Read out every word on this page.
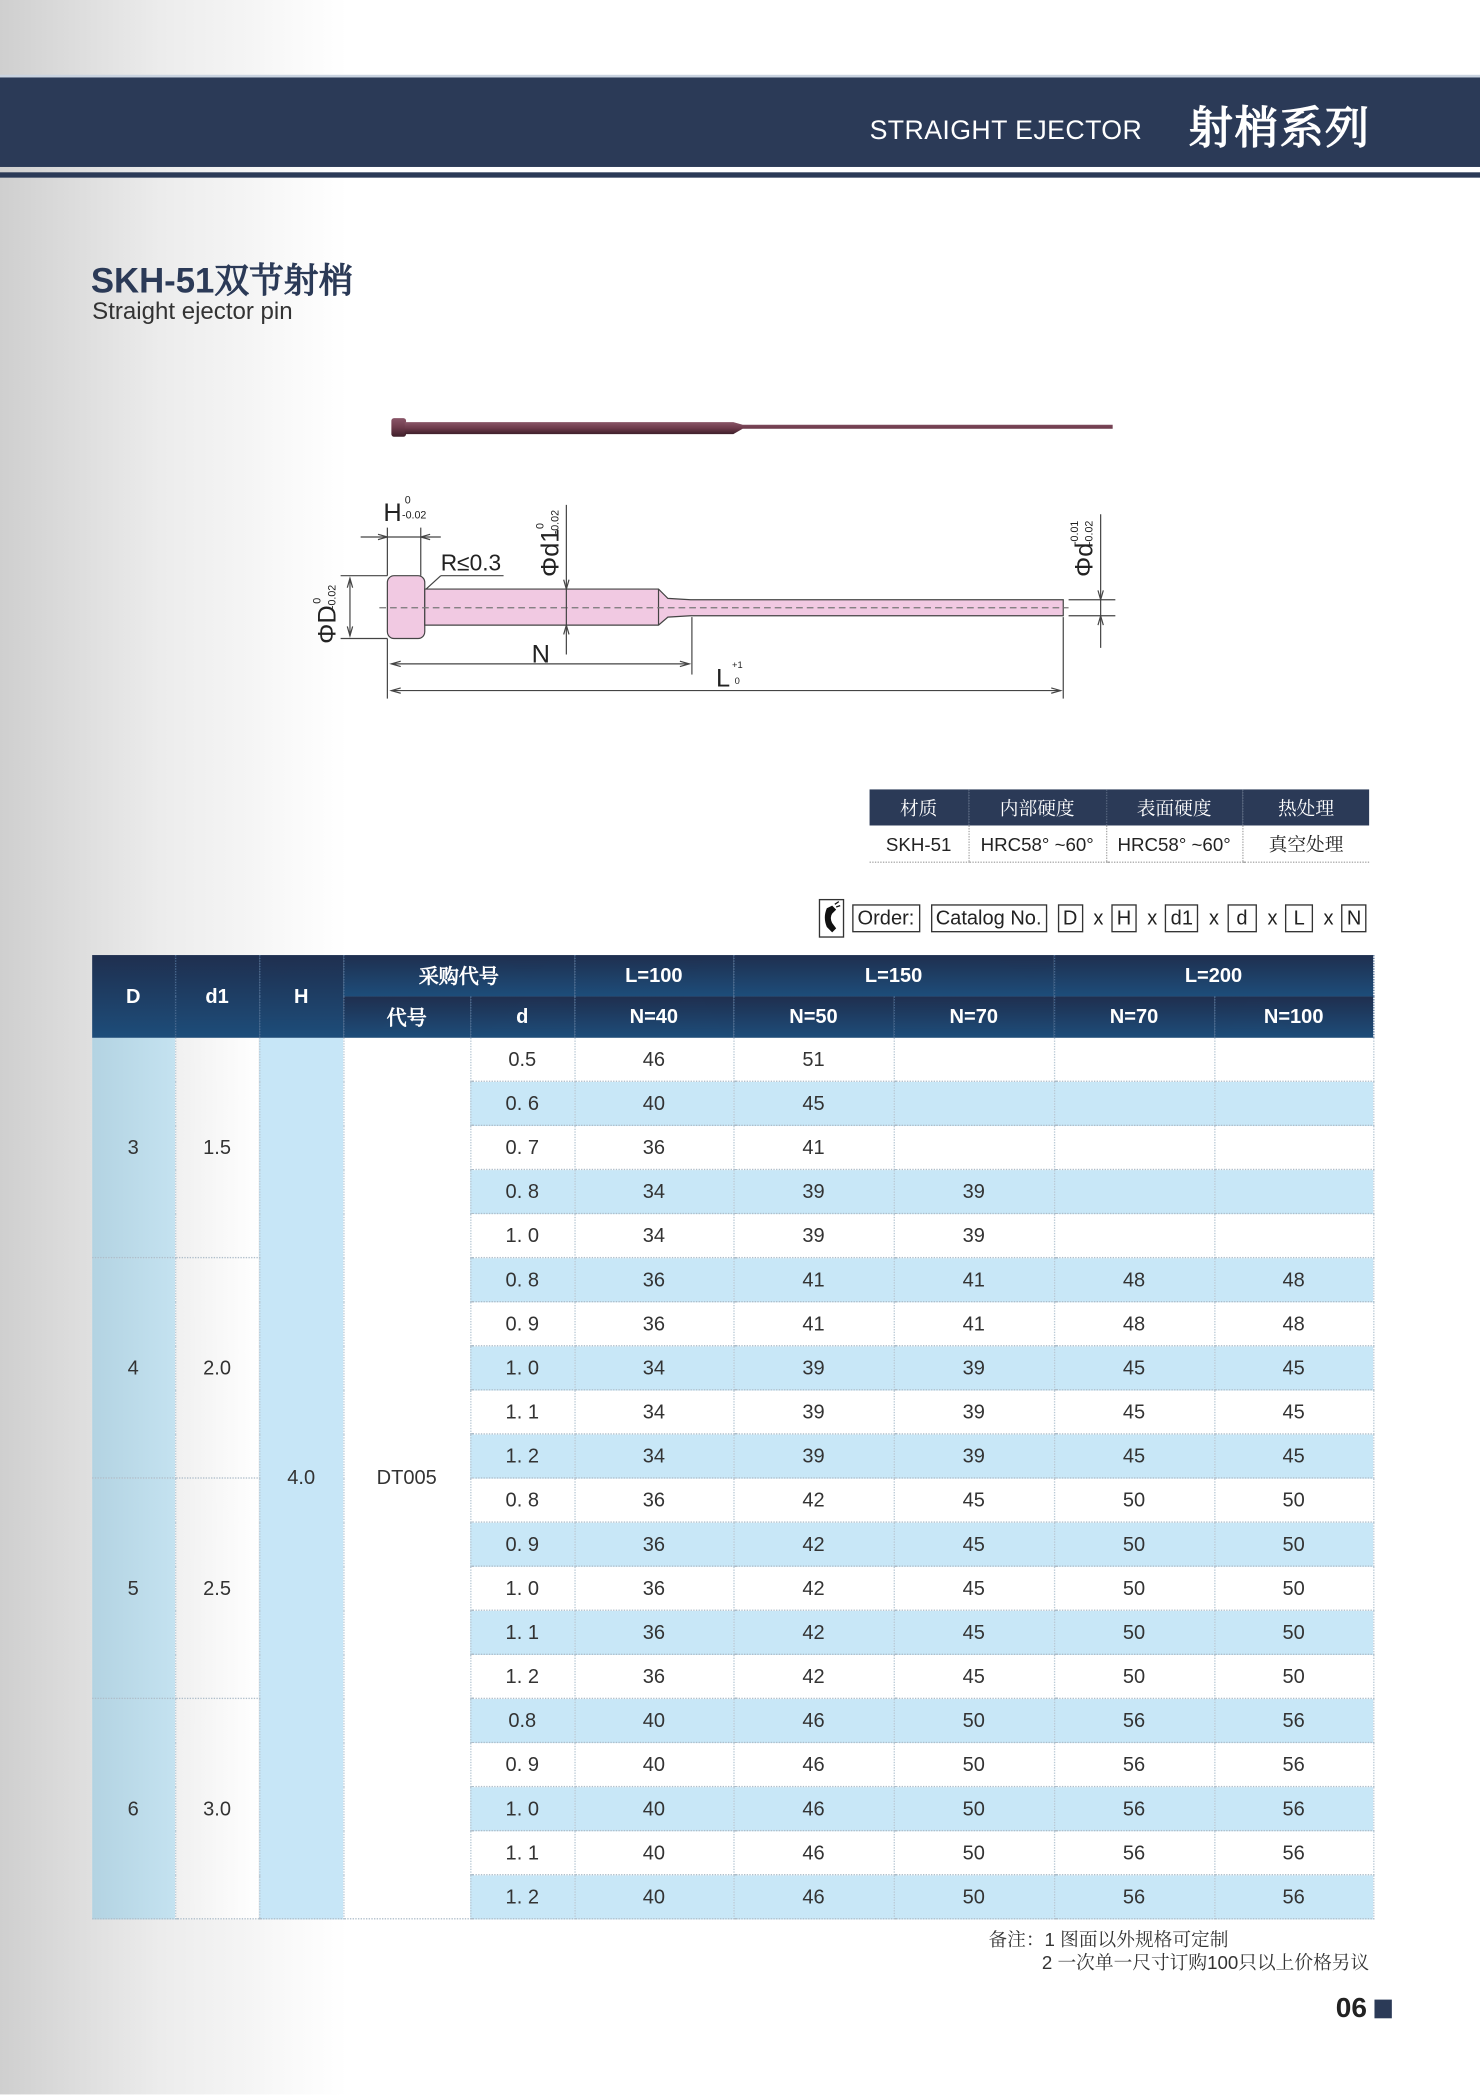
STRAIGHT EJECTOR 射梢系列
SKH-51双节射梢
Straight ejector pin
H 0
-0.02
R≤0.3 Φd1
0 -0.02
ΦD
0 -0.02
Φd
-0.01 -0.02
N
L +1
0
材质	内部硬度	表面硬度	热处理
SKH-51	HRC58° ~60°	HRC58° ~60°	真空处理
Order:	Catalog No.	D	x H	x d1	x	d	x	L	x N
D	d1	H	采购代号		L=100	L=150		L=200	
			代号	d	N=40	N=50	N=70	N=70	N=100
3	1.5	4.0	DT005	0.5	46	51			
				0. 6	40	45			
				0. 7	36	41			
				0. 8	34	39	39		
				1. 0	34	39	39		
4	2.0			0. 8	36	41	41	48	48
				0. 9	36	41	41	48	48
				1. 0	34	39	39	45	45
				1. 1	34	39	39	45	45
				1. 2	34	39	39	45	45
5	2.5			0. 8	36	42	45	50	50
				0. 9	36	42	45	50	50
				1. 0	36	42	45	50	50
				1. 1	36	42	45	50	50
				1. 2	36	42	45	50	50
6	3.0			0.8	40	46	50	56	56
				0. 9	40	46	50	56	56
				1. 0	40	46	50	56	56
				1. 1	40	46	50	56	56
				1. 2	40	46	50	56	56
备注：1 图面以外规格可定制
2 一次单一尺寸订购100只以上价格另议
06
